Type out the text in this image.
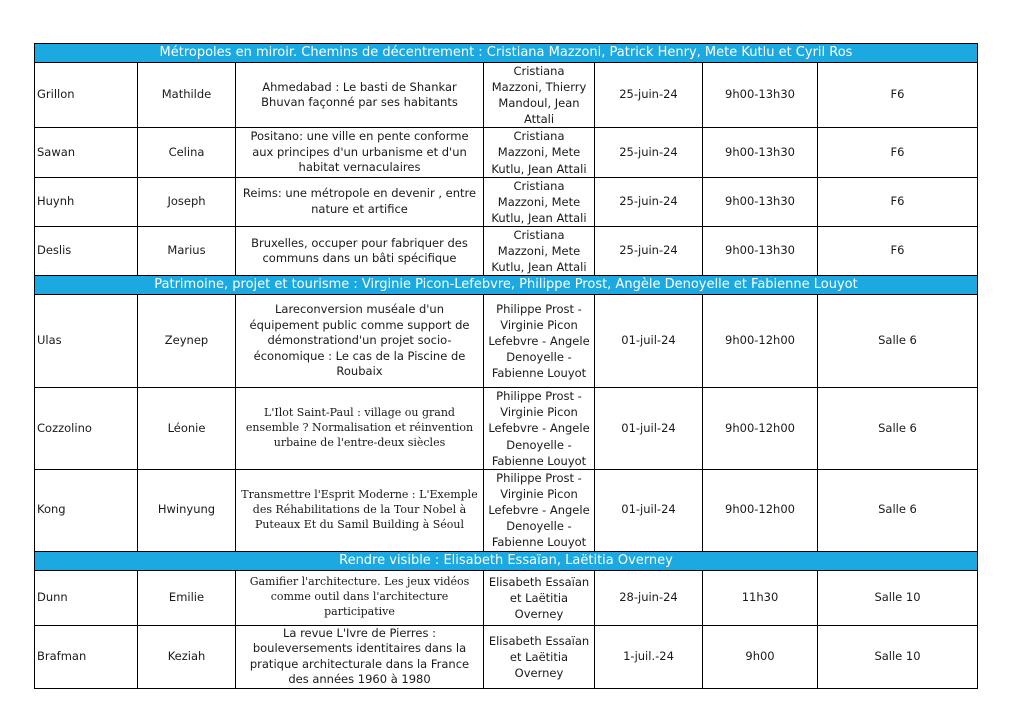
Métropoles en miroir. Chemins de décentrement : Cristiana Mazzoni, Patrick Henry, Mete Kutlu et Cyril Ros						
Grillon	Mathilde	Ahmedabad : Le basti de Shankar Bhuvan façonné par ses habitants	Cristiana Mazzoni, Thierry Mandoul, Jean Attali	25-juin-24	9h00-13h30	F6
Sawan	Celina	Positano: une ville en pente conforme aux principes d'un urbanisme et d'un habitat vernaculaires	Cristiana Mazzoni, Mete Kutlu, Jean Attali	25-juin-24	9h00-13h30	F6
Huynh	Joseph	Reims: une métropole en devenir , entre nature et artifice	Cristiana Mazzoni, Mete Kutlu, Jean Attali	25-juin-24	9h00-13h30	F6
Deslis	Marius	Bruxelles, occuper pour fabriquer des communs dans un bâti spécifique	Cristiana Mazzoni, Mete Kutlu, Jean Attali	25-juin-24	9h00-13h30	F6
Patrimoine, projet et tourisme : Virginie Picon-Lefebvre, Philippe Prost, Angèle Denoyelle et Fabienne Louyot						
Ulas	Zeynep	Lareconversion muséale d'un équipement public comme support de démonstrationd'un projet socio-économique : Le cas de la Piscine de Roubaix	Philippe Prost - Virginie Picon Lefebvre - Angele Denoyelle - Fabienne Louyot	01-juil-24	9h00-12h00	Salle 6
Cozzolino	Léonie	L'Ilot Saint-Paul : village ou grand ensemble ? Normalisation et réinvention urbaine de l'entre-deux siècles	Philippe Prost - Virginie Picon Lefebvre - Angele Denoyelle - Fabienne Louyot	01-juil-24	9h00-12h00	Salle 6
Kong	Hwinyung	Transmettre l'Esprit Moderne : L'Exemple des Réhabilitations de la Tour Nobel à Puteaux Et du Samil Building à Séoul	Philippe Prost - Virginie Picon Lefebvre - Angele Denoyelle - Fabienne Louyot	01-juil-24	9h00-12h00	Salle 6
Rendre visible : Elisabeth Essaïan, Laëtitia Overney						
Dunn	Emilie	Gamifier l'architecture. Les jeux vidéos comme outil dans l'architecture participative	Elisabeth Essaïan et Laëtitia Overney	28-juin-24	11h30	Salle 10
Brafman	Keziah	La revue L'Ivre de Pierres : bouleversements identitaires dans la pratique architecturale dans la France des années 1960 à 1980	Elisabeth Essaïan et Laëtitia Overney	1-juil.-24	9h00	Salle 10
